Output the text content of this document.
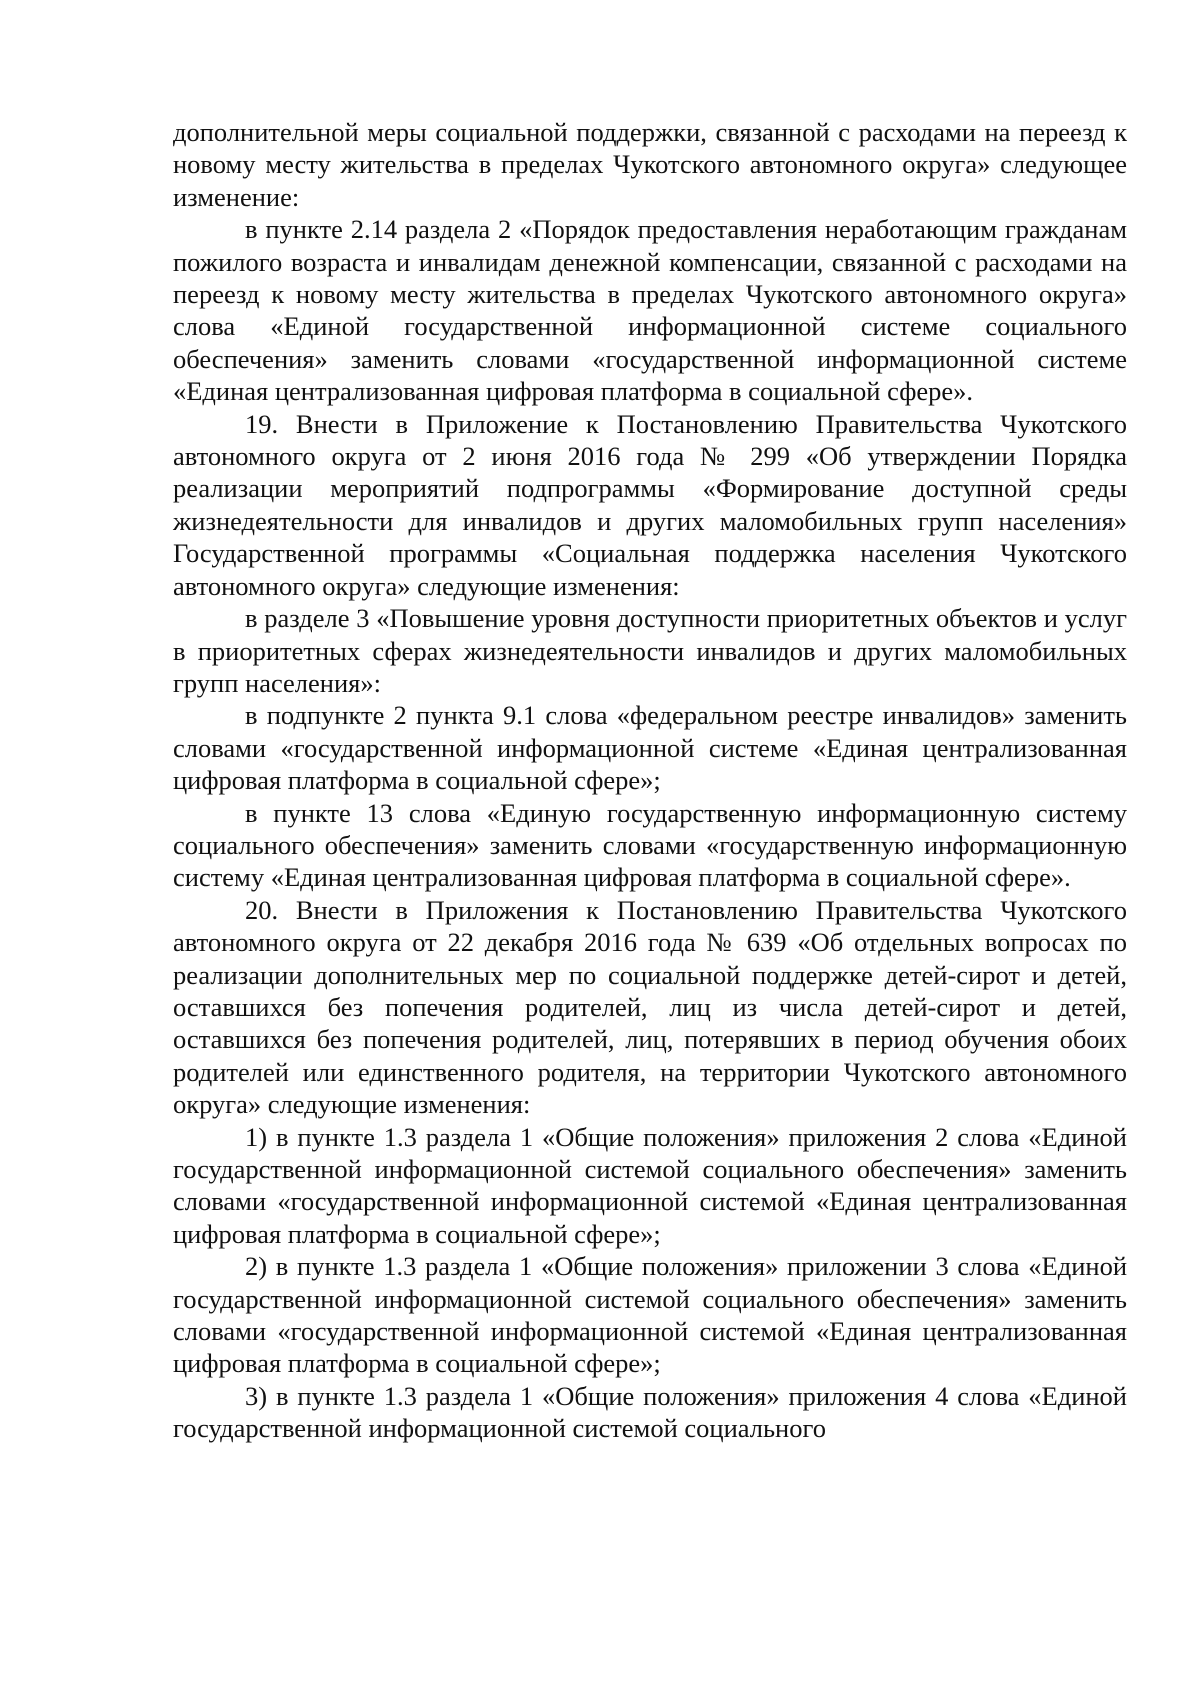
дополнительной меры социальной поддержки, связанной с расходами на переезд к новому месту жительства в пределах Чукотского автономного округа» следующее изменение:

в пункте 2.14 раздела 2 «Порядок предоставления неработающим гражданам пожилого возраста и инвалидам денежной компенсации, связанной с расходами на переезд к новому месту жительства в пределах Чукотского автономного округа» слова «Единой государственной информационной системе социального обеспечения» заменить словами «государственной информационной системе «Единая централизованная цифровая платформа в социальной сфере».

19. Внести в Приложение к Постановлению Правительства Чукотского автономного округа от 2 июня 2016 года № 299 «Об утверждении Порядка реализации мероприятий подпрограммы «Формирование доступной среды жизнедеятельности для инвалидов и других маломобильных групп населения» Государственной программы «Социальная поддержка населения Чукотского автономного округа» следующие изменения:

в разделе 3 «Повышение уровня доступности приоритетных объектов и услуг в приоритетных сферах жизнедеятельности инвалидов и других маломобильных групп населения»:

в подпункте 2 пункта 9.1 слова «федеральном реестре инвалидов» заменить словами «государственной информационной системе «Единая централизованная цифровая платформа в социальной сфере»;

в пункте 13 слова «Единую государственную информационную систему социального обеспечения» заменить словами «государственную информационную систему «Единая централизованная цифровая платформа в социальной сфере».

20. Внести в Приложения к Постановлению Правительства Чукотского автономного округа от 22 декабря 2016 года № 639 «Об отдельных вопросах по реализации дополнительных мер по социальной поддержке детей-сирот и детей, оставшихся без попечения родителей, лиц из числа детей-сирот и детей, оставшихся без попечения родителей, лиц, потерявших в период обучения обоих родителей или единственного родителя, на территории Чукотского автономного округа» следующие изменения:

1) в пункте 1.3 раздела 1 «Общие положения» приложения 2 слова «Единой государственной информационной системой социального обеспечения» заменить словами «государственной информационной системой «Единая централизованная цифровая платформа в социальной сфере»;

2) в пункте 1.3 раздела 1 «Общие положения» приложении 3 слова «Единой государственной информационной системой социального обеспечения» заменить словами «государственной информационной системой «Единая централизованная цифровая платформа в социальной сфере»;

3) в пункте 1.3 раздела 1 «Общие положения» приложения 4 слова «Единой государственной информационной системой социального
